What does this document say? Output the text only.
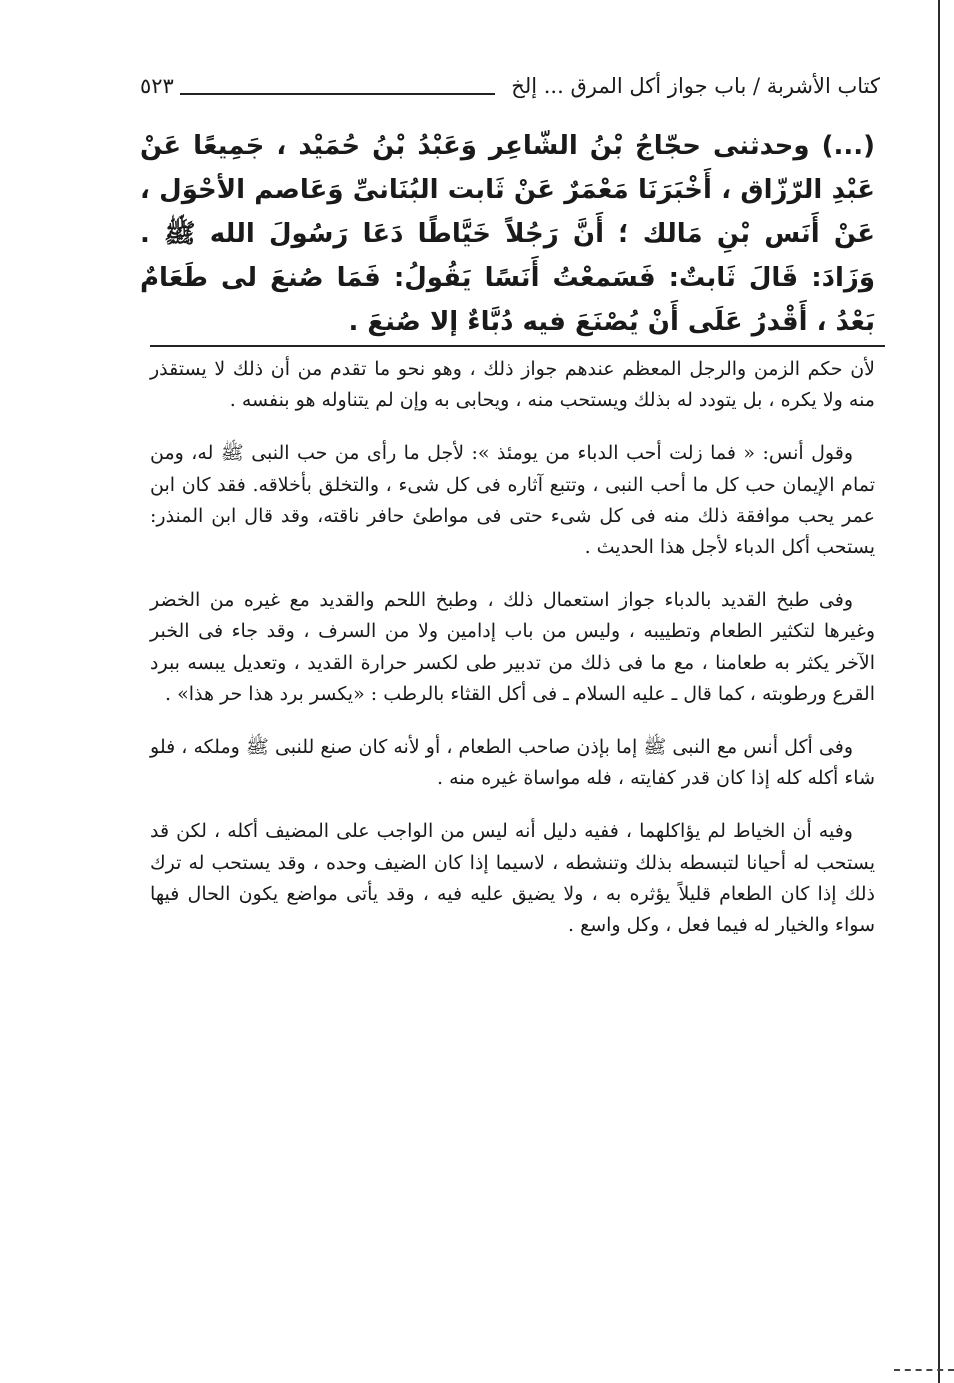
كتاب الأشربة / باب جواز أكل المرق ... إلخ
٥٢٣
(...) وحدثنى حجّاجُ بْنُ الشّاعِر وَعَبْدُ بْنُ حُمَيْد ، جَمِيعًا عَنْ عَبْدِ الرّزّاق ، أَخْبَرَنَا مَعْمَرٌ عَنْ ثَابت البُنَانىِّ وَعَاصم الأحْوَل ، عَنْ أَنَس بْنِ مَالك ؛ أَنَّ رَجُلاً خَيَّاطًا دَعَا رَسُولَ الله ﷺ . وَزَادَ: قَالَ ثَابتٌ: فَسَمعْتُ أَنَسًا يَقُولُ: فَمَا صُنعَ لى طَعَامٌ بَعْدُ ، أَقْدرُ عَلَى أَنْ يُصْنَعَ فيه دُبَّاءٌ إلا صُنعَ .

لأن حكم الزمن والرجل المعظم عندهم جواز ذلك ، وهو نحو ما تقدم من أن ذلك لا يستقذر منه ولا يكره ، بل يتودد له بذلك ويستحب منه ، ويحابى به وإن لم يتناوله هو بنفسه .

وقول أنس: « فما زلت أحب الدباء من يومئذ »: لأجل ما رأى من حب النبى ﷺ له، ومن تمام الإيمان حب كل ما أحب النبى ، وتتبع آثاره فى كل شىء ، والتخلق بأخلاقه. فقد كان ابن عمر يحب موافقة ذلك منه فى كل شىء حتى فى مواطئ حافر ناقته، وقد قال ابن المنذر: يستحب أكل الدباء لأجل هذا الحديث .

وفى طبخ القديد بالدباء جواز استعمال ذلك ، وطبخ اللحم والقديد مع غيره من الخضر وغيرها لتكثير الطعام وتطييبه ، وليس من باب إدامين ولا من السرف ، وقد جاء فى الخبر الآخر يكثر به طعامنا ، مع ما فى ذلك من تدبير طى لكسر حرارة القديد ، وتعديل يبسه ببرد القرع ورطوبته ، كما قال ـ عليه السلام ـ فى أكل القثاء بالرطب : «يكسر برد هذا حر هذا» .

وفى أكل أنس مع النبى ﷺ إما بإذن صاحب الطعام ، أو لأنه كان صنع للنبى ﷺ وملكه ، فلو شاء أكله كله إذا كان قدر كفايته ، فله مواساة غيره منه .

وفيه أن الخياط لم يؤاكلهما ، ففيه دليل أنه ليس من الواجب على المضيف أكله ، لكن قد يستحب له أحيانا لتبسطه بذلك وتنشطه ، لاسيما إذا كان الضيف وحده ، وقد يستحب له ترك ذلك إذا كان الطعام قليلاً يؤثره به ، ولا يضيق عليه فيه ، وقد يأتى مواضع يكون الحال فيها سواء والخيار له فيما فعل ، وكل واسع .
